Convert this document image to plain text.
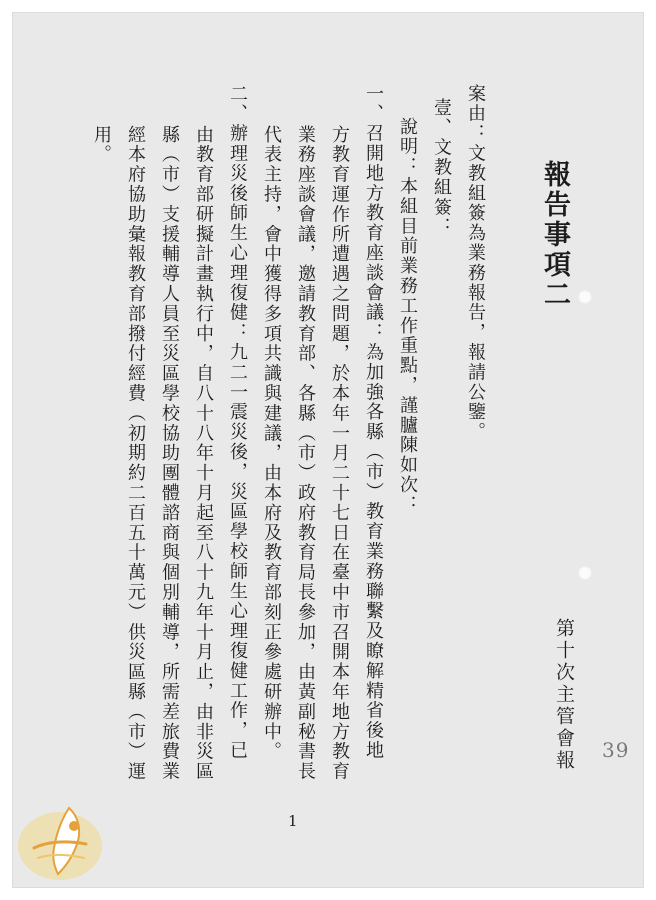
報告事項二
第十次主管會報 39
案由：文教組簽為業務報告，報請公鑒。
壹、文教組簽：
說明：本組目前業務工作重點，謹臚陳如次：
一、召開地方教育座談會議：為加強各縣（市）教育業務聯繫及瞭解精省後地
方教育運作所遭遇之問題，於本年一月二十七日在臺中市召開本年地方教育
業務座談會議，邀請教育部、各縣（市）政府教育局長參加，由黃副秘書長
代表主持，會中獲得多項共識與建議，由本府及教育部刻正參處研辦中。
二、辦理災後師生心理復健：九二一震災後，災區學校師生心理復健工作，已
由教育部研擬計畫執行中，自八十八年十月起至八十九年十月止，由非災區
縣（市）支援輔導人員至災區學校協助團體諮商與個別輔導，所需差旅費業
經本府協助彙報教育部撥付經費（初期約二百五十萬元）供災區縣（市）運
用。
1
